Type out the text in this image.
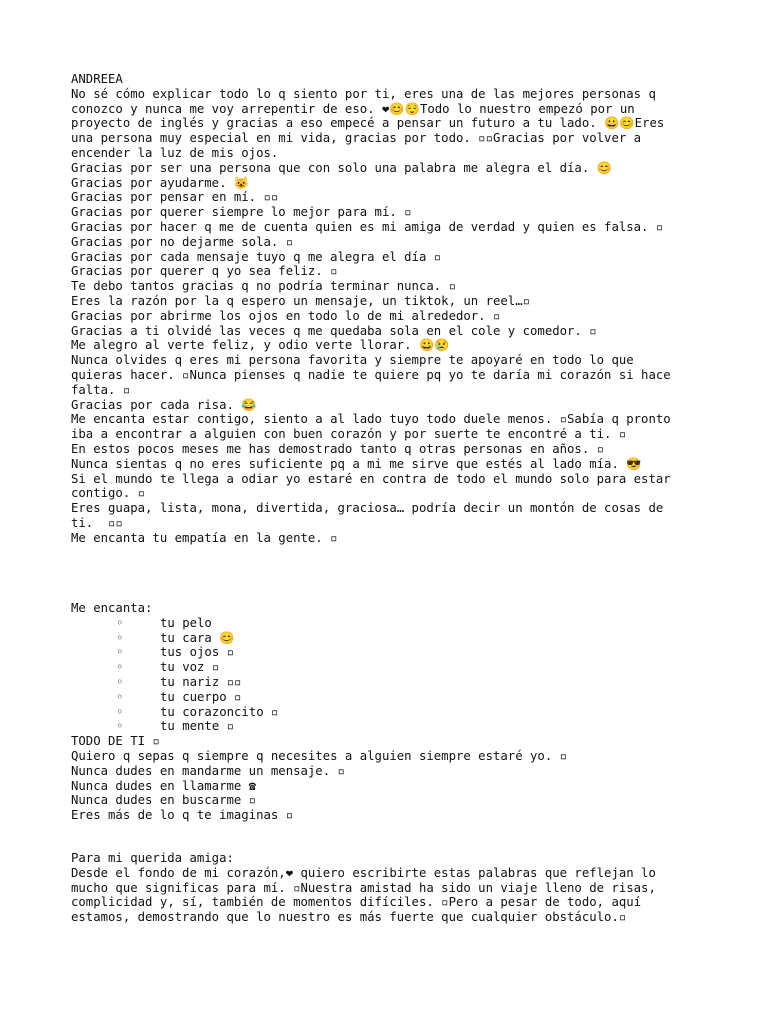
ANDREEA
No sé cómo explicar todo lo q siento por ti, eres una de las mejores personas q conozco y nunca me voy arrepentir de eso. ❤😊😌Todo lo nuestro empezó por un proyecto de inglés y gracias a eso empecé a pensar un futuro a tu lado. 😀😊Eres una persona muy especial en mi vida, gracias por todo. ▫▫Gracias por volver a encender la luz de mis ojos.
Gracias por ser una persona que con solo una palabra me alegra el día. 😊
Gracias por ayudarme. 😺
Gracias por pensar en mí. ▫▫
Gracias por querer siempre lo mejor para mí. ▫
Gracias por hacer q me de cuenta quien es mi amiga de verdad y quien es falsa. ▫
Gracias por no dejarme sola. ▫
Gracias por cada mensaje tuyo q me alegra el día ▫
Gracias por querer q yo sea feliz. ▫
Te debo tantos gracias q no podría terminar nunca. ▫
Eres la razón por la q espero un mensaje, un tiktok, un reel…▫
Gracias por abrirme los ojos en todo lo de mi alrededor. ▫
Gracias a ti olvidé las veces q me quedaba sola en el cole y comedor. ▫
Me alegro al verte feliz, y odio verte llorar. 😀😢
Nunca olvides q eres mi persona favorita y siempre te apoyaré en todo lo que quieras hacer. ▫Nunca pienses q nadie te quiere pq yo te daría mi corazón si hace falta. ▫
Gracias por cada risa. 😂
Me encanta estar contigo, siento a al lado tuyo todo duele menos. ▫Sabía q pronto iba a encontrar a alguien con buen corazón y por suerte te encontré a ti. ▫
En estos pocos meses me has demostrado tanto q otras personas en años. ▫
Nunca sientas q no eres suficiente pq a mi me sirve que estés al lado mía. 😎
Si el mundo te llega a odiar yo estaré en contra de todo el mundo solo para estar contigo. ▫
Eres guapa, lista, mona, divertida, graciosa… podría decir un montón de cosas de ti.  ▫▫
Me encanta tu empatía en la gente. ▫
Me encanta:
◦	tu pelo
◦	tu cara 😊
◦	tus ojos ▫
◦	tu voz ▫
◦	tu nariz ▫▫
◦	tu cuerpo ▫
◦	tu corazoncito ▫
◦	tu mente ▫
TODO DE TI ▫
Quiero q sepas q siempre q necesites a alguien siempre estaré yo. ▫
Nunca dudes en mandarme un mensaje. ▫
Nunca dudes en llamarme ☎
Nunca dudes en buscarme ▫
Eres más de lo q te imaginas ▫
Para mi querida amiga:
Desde el fondo de mi corazón,❤ quiero escribirte estas palabras que reflejan lo mucho que significas para mí. ▫Nuestra amistad ha sido un viaje lleno de risas, complicidad y, sí, también de momentos difíciles. ▫Pero a pesar de todo, aquí estamos, demostrando que lo nuestro es más fuerte que cualquier obstáculo.▫
